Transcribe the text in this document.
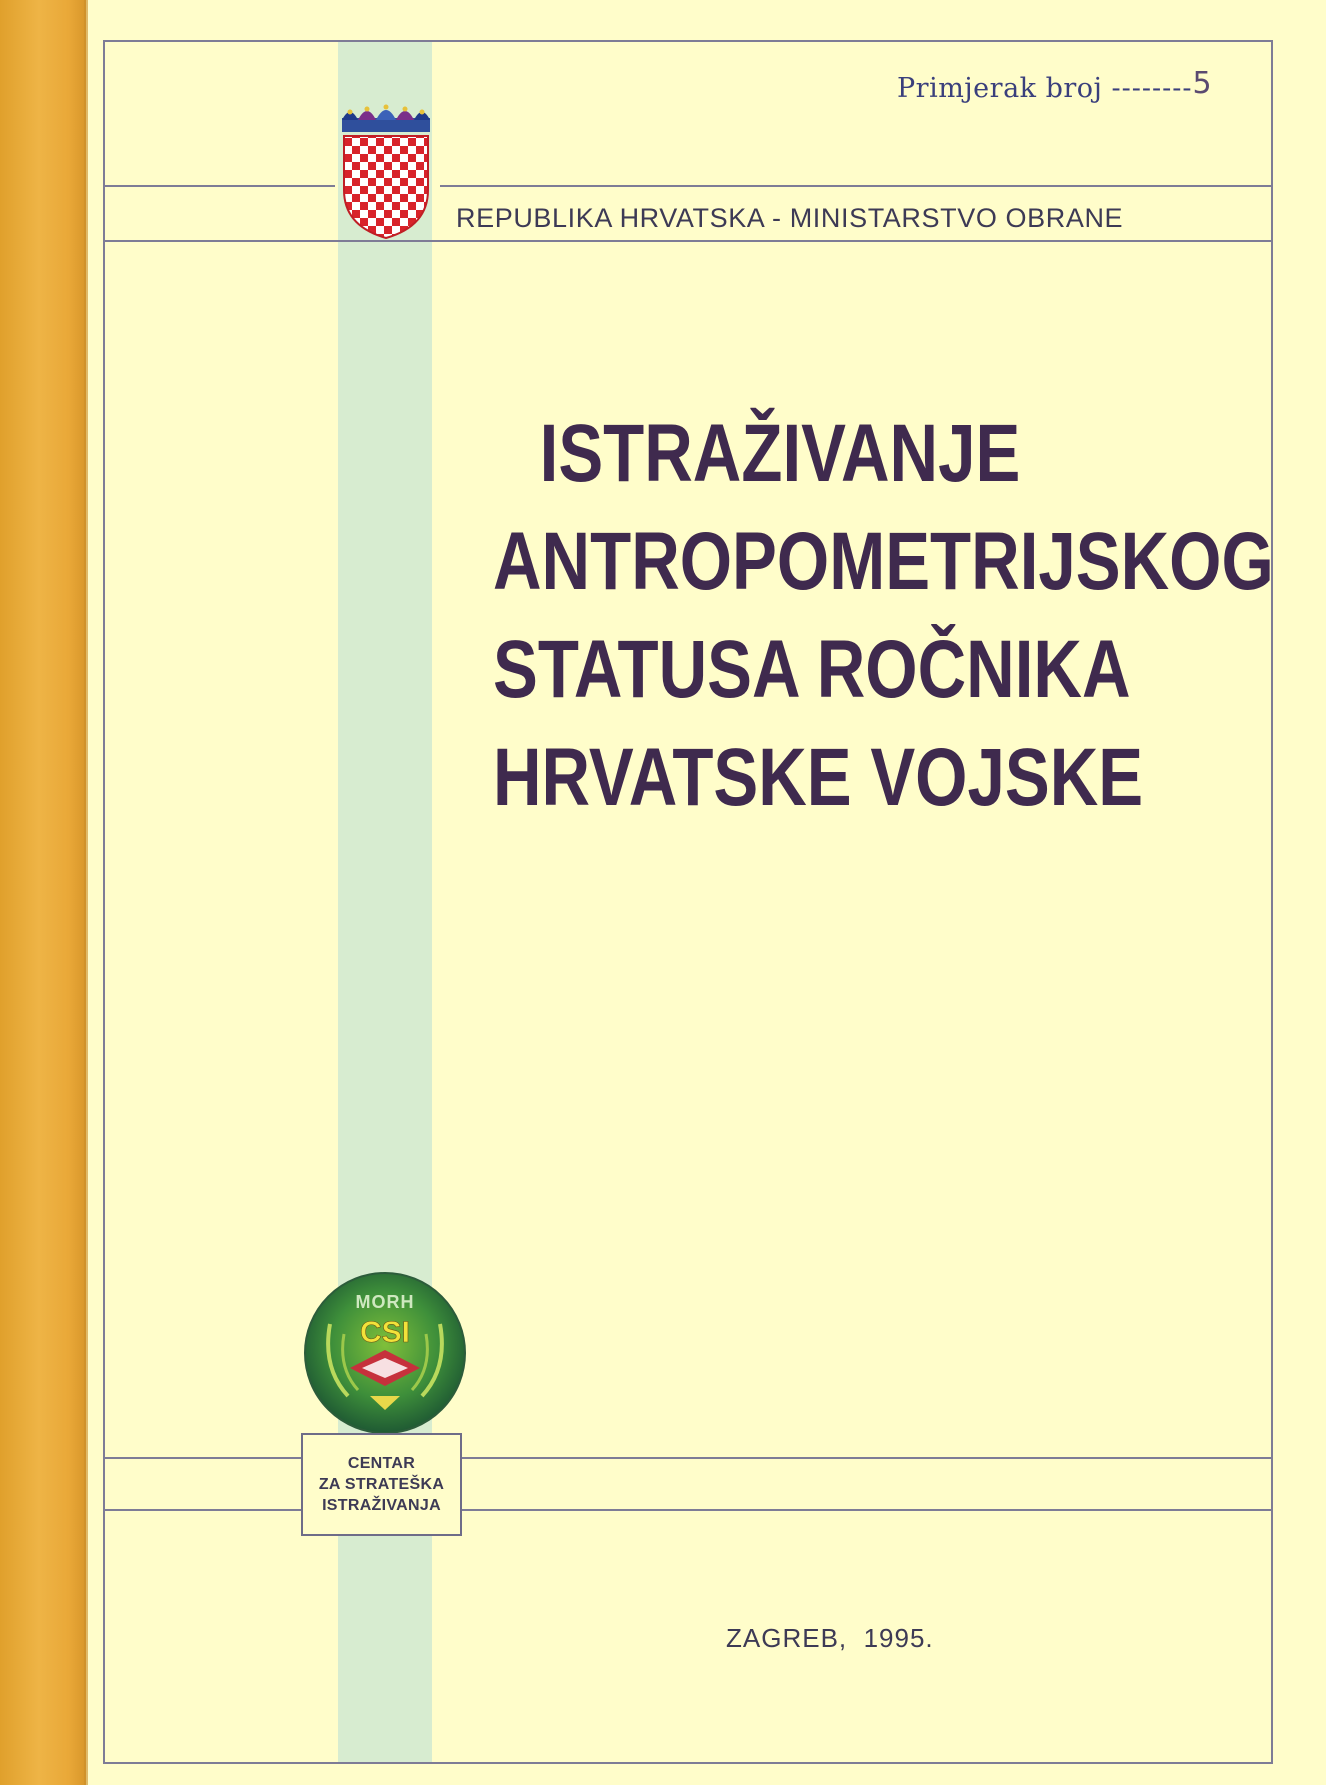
Primjerak broj --------5
REPUBLIKA HRVATSKA - MINISTARSTVO OBRANE
ISTRAŽIVANJE
ANTROPOMETRIJSKOG
STATUSA ROČNIKA
HRVATSKE VOJSKE
MORH
CSI
CENTAR
ZA STRATEŠKA
ISTRAŽIVANJA
ZAGREB,  1995.
